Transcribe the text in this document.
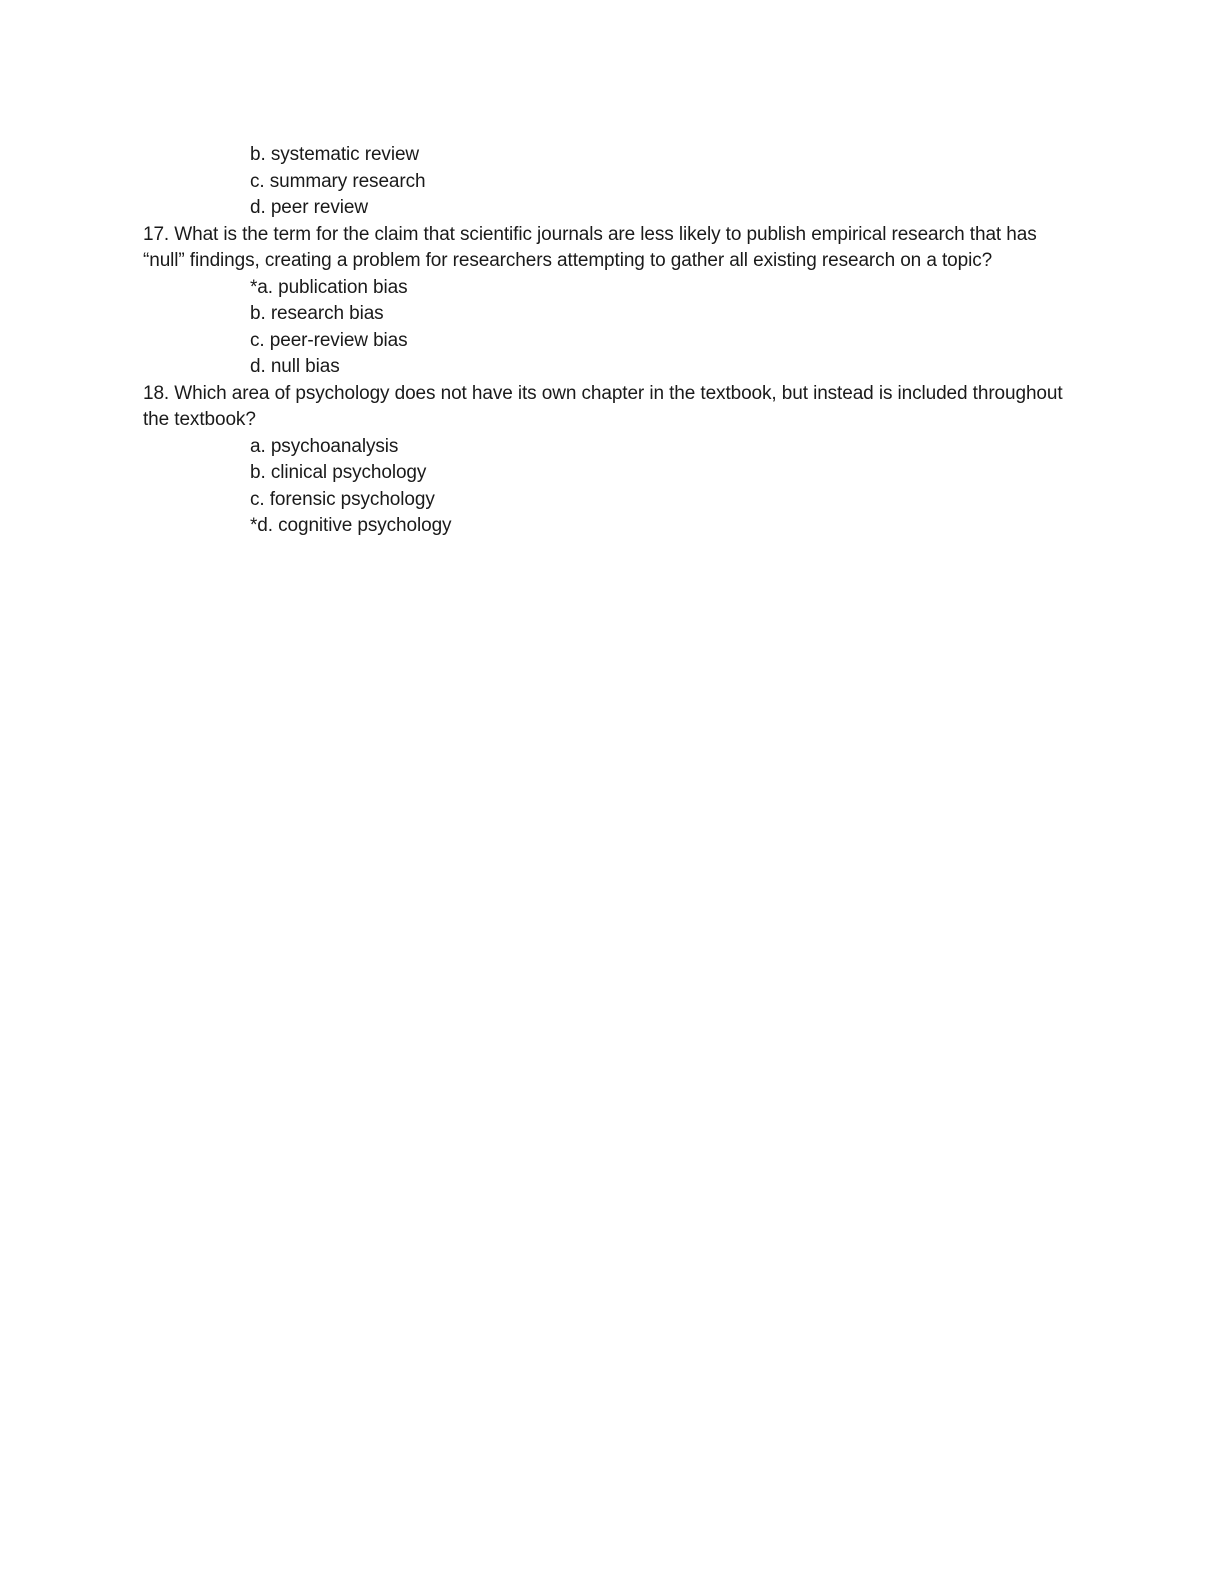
b. systematic review
c. summary research
d. peer review

17. What is the term for the claim that scientific journals are less likely to publish empirical research that has “null” findings, creating a problem for researchers attempting to gather all existing research on a topic?

*a. publication bias
b. research bias
c. peer-review bias
d. null bias

18. Which area of psychology does not have its own chapter in the textbook, but instead is included throughout the textbook?

a. psychoanalysis
b. clinical psychology
c. forensic psychology
*d. cognitive psychology
